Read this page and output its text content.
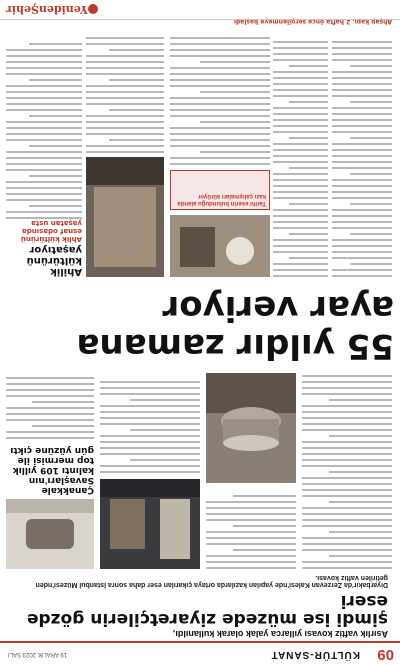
09
KÜLTÜR-SANAT
19 ARALIK 2023 SALI
Asırlık vaftiz kovası yıllarca yalak olarak kullanıldı,
şimdi ise müzede ziyaretçilerin gözde eseri
Diyarbakır'da Zerzevan Kalesi'nde yapılan kazılarda ortaya çıkarılan eser daha sonra İstanbul Müzesi'nden getirilen vaftiz kovası.
Çanakkale Savaşları'nın kalıntı 109 yıllık top mermisi ile gün yüzüne çıktı
55 yıldır zamana ayar veriyor
Tarihi eserin bulunduğu alanda kazı çalışmaları sürüyor
Ahilik kültürünü yaşatıyor
Ahlik kültürünü esnaf odasında yaşatan usta
Ahşap kapı, 2 hafta önce sergilenmeye başladı
YenidenŞehir
